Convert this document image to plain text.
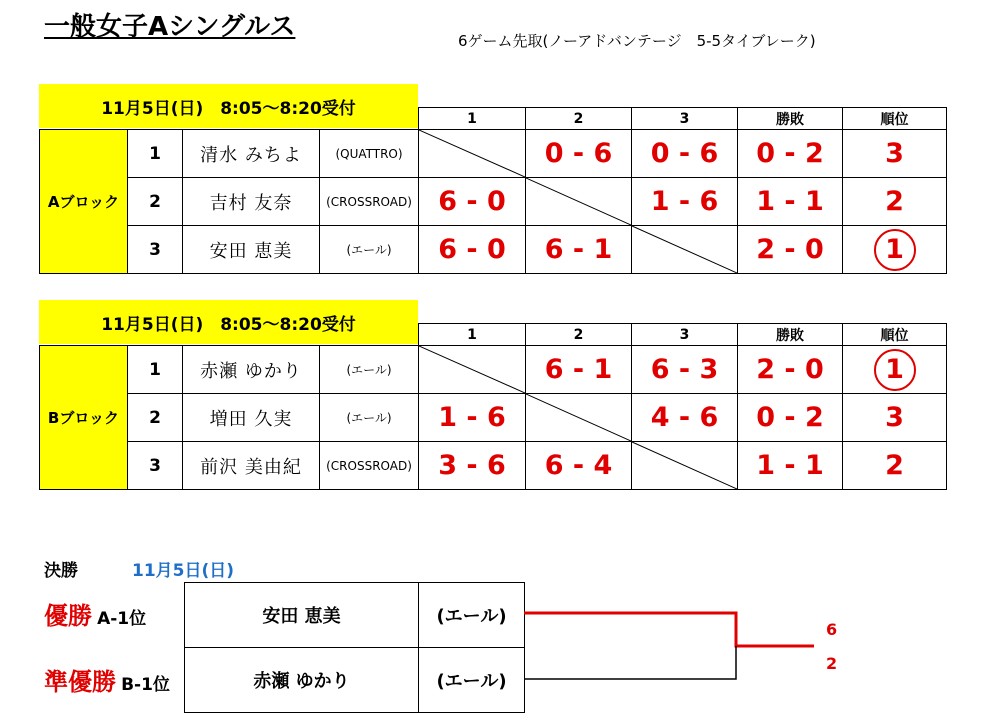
一般女子Aシングルス	6ゲーム先取(ノーアドバンテージ　5-5タイブレーク)
11月5日(日)　8:05～8:20受付
				1	2	3	勝敗	順位
Aブロック	1	清水 みちよ	(QUATTRO)		0 - 6	0 - 6	0 - 2	3
	2	吉村 友奈	(CROSSROAD)	6 - 0		1 - 6	1 - 1	2
	3	安田 恵美	(エール)	6 - 0	6 - 1		2 - 0	1
11月5日(日)　8:05～8:20受付
				1	2	3	勝敗	順位
Bブロック	1	赤瀬 ゆかり	(エール)		6 - 1	6 - 3	2 - 0	1
	2	増田 久実	(エール)	1 - 6		4 - 6	0 - 2	3
	3	前沢 美由紀	(CROSSROAD)	3 - 6	6 - 4		1 - 1	2
決勝	11月5日(日)
優勝 A-1位
準優勝 B-1位
安田 恵美	(エール)
赤瀬 ゆかり	(エール)
6
2
